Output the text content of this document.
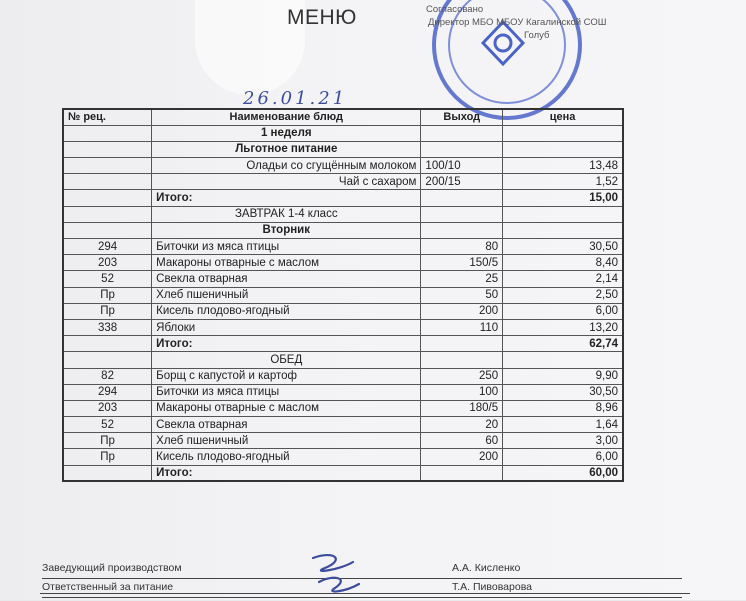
МЕНЮ	Согласовано
Директор МБО МБОУ Кагалинской СОШ
Голуб
26.01.21
№ рец.	Наименование блюд	Выход	цена
	1 неделя		
	Льготное питание		
	Оладьи со сгущённым молоком	100/10	13,48
	Чай с сахаром	200/15	1,52
	Итого:		15,00
	ЗАВТРАК 1-4 класс		
	Вторник		
294	Биточки из мяса птицы	80	30,50
203	Макароны отварные с маслом	150/5	8,40
52	Свекла отварная	25	2,14
Пр	Хлеб пшеничный	50	2,50
Пр	Кисель плодово-ягодный	200	6,00
338	Яблоки	110	13,20
	Итого:		62,74
	ОБЕД		
82	Борщ с капустой и картоф	250	9,90
294	Биточки из мяса птицы	100	30,50
203	Макароны отварные с маслом	180/5	8,96
52	Свекла отварная	20	1,64
Пр	Хлеб пшеничный	60	3,00
Пр	Кисель плодово-ягодный	200	6,00
	Итого:		60,00
Заведующий производством	А.А. Кисленко
Ответственный за питание	Т.А. Пивоварова
